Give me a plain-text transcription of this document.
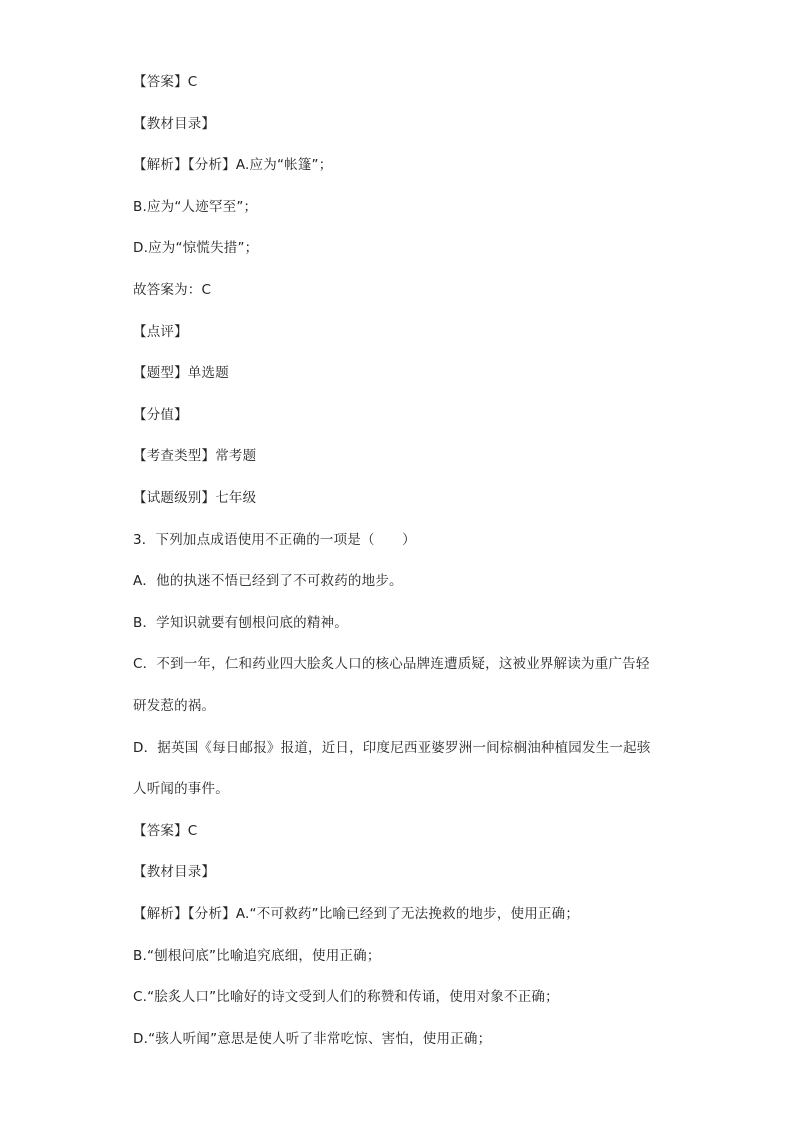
【答案】C
【教材目录】
【解析】【分析】A.应为“帐篷”；
B.应为“人迹罕至”；
D.应为“惊慌失措”；
故答案为：C
【点评】
【题型】单选题
【分值】
【考查类型】常考题
【试题级别】七年级
3．下列加点成语使用不正确的一项是（　　）
A．他的执迷不悟已经到了不可救药的地步。
B．学知识就要有刨根问底的精神。
C．不到一年，仁和药业四大脍炙人口的核心品牌连遭质疑，这被业界解读为重广告轻
研发惹的祸。
D．据英国《每日邮报》报道，近日，印度尼西亚婆罗洲一间棕榈油种植园发生一起骇
人听闻的事件。
【答案】C
【教材目录】
【解析】【分析】A.“不可救药”比喻已经到了无法挽救的地步，使用正确；
B.“刨根问底”比喻追究底细，使用正确；
C.“脍炙人口”比喻好的诗文受到人们的称赞和传诵，使用对象不正确；
D.“骇人听闻”意思是使人听了非常吃惊、害怕，使用正确；
